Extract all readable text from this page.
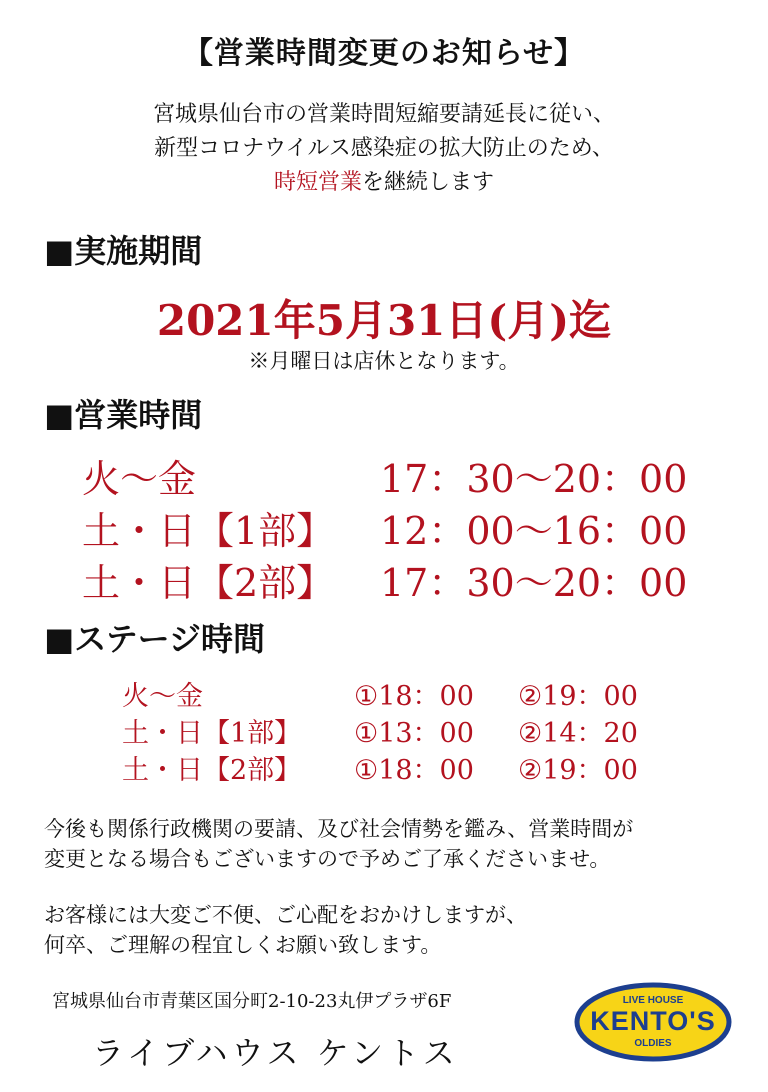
【営業時間変更のお知らせ】
宮城県仙台市の営業時間短縮要請延長に従い、
新型コロナウイルス感染症の拡大防止のため、
時短営業を継続します
■実施期間
2021年5月31日(月)迄
※月曜日は店休となります。
■営業時間
火〜金	17：30〜20：00
土・日【1部】 12：00〜16：00
土・日【2部】 17：30〜20：00
■ステージ時間
火〜金	①18：00 ②19：00
土・日【1部】 ①13：00 ②14：20
土・日【2部】 ①18：00 ②19：00
今後も関係行政機関の要請、及び社会情勢を鑑み、営業時間が
変更となる場合もございますので予めご了承くださいませ。
お客様には大変ご不便、ご心配をおかけしますが、
何卒、ご理解の程宜しくお願い致します。
宮城県仙台市青葉区国分町2-10-23丸伊プラザ6F
ライブハウス ケントス
LIVE HOUSE
KENTO'S
OLDIES
